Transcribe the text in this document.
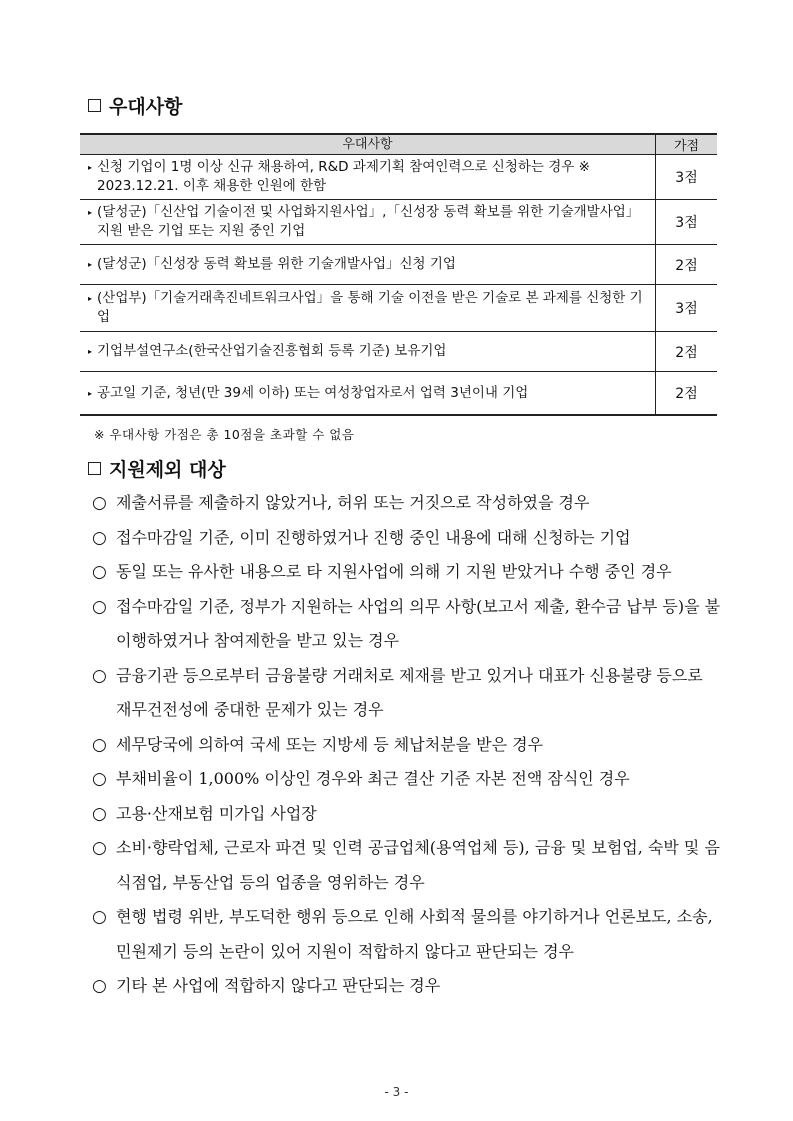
우대사항
우대사항	가점
▸ 신청 기업이 1명 이상 신규 채용하여, R&D 과제기획 참여인력으로 신청하는 경우 ※ 2023.12.21. 이후 채용한 인원에 한함	3점
▸ (달성군)「신산업 기술이전 및 사업화지원사업」,「신성장 동력 확보를 위한 기술개발사업」지원 받은 기업 또는 지원 중인 기업	3점
▸ (달성군)「신성장 동력 확보를 위한 기술개발사업」신청 기업	2점
▸ (산업부)「기술거래촉진네트워크사업」을 통해 기술 이전을 받은 기술로 본 과제를 신청한 기업	3점
▸ 기업부설연구소(한국산업기술진흥협회 등록 기준) 보유기업	2점
▸ 공고일 기준, 청년(만 39세 이하) 또는 여성창업자로서 업력 3년이내 기업	2점
※ 우대사항 가점은 총 10점을 초과할 수 없음
지원제외 대상
○ 제출서류를 제출하지 않았거나, 허위 또는 거짓으로 작성하였을 경우
○ 접수마감일 기준, 이미 진행하였거나 진행 중인 내용에 대해 신청하는 기업
○ 동일 또는 유사한 내용으로 타 지원사업에 의해 기 지원 받았거나 수행 중인 경우
○ 접수마감일 기준, 정부가 지원하는 사업의 의무 사항(보고서 제출, 환수금 납부 등)을 불이행하였거나 참여제한을 받고 있는 경우
○ 금융기관 등으로부터 금융불량 거래처로 제재를 받고 있거나 대표가 신용불량 등으로 재무건전성에 중대한 문제가 있는 경우
○ 세무당국에 의하여 국세 또는 지방세 등 체납처분을 받은 경우
○ 부채비율이 1,000% 이상인 경우와 최근 결산 기준 자본 전액 잠식인 경우
○ 고용·산재보험 미가입 사업장
○ 소비·향락업체, 근로자 파견 및 인력 공급업체(용역업체 등), 금융 및 보험업, 숙박 및 음식점업, 부동산업 등의 업종을 영위하는 경우
○ 현행 법령 위반, 부도덕한 행위 등으로 인해 사회적 물의를 야기하거나 언론보도, 소송, 민원제기 등의 논란이 있어 지원이 적합하지 않다고 판단되는 경우
○ 기타 본 사업에 적합하지 않다고 판단되는 경우
- 3 -
